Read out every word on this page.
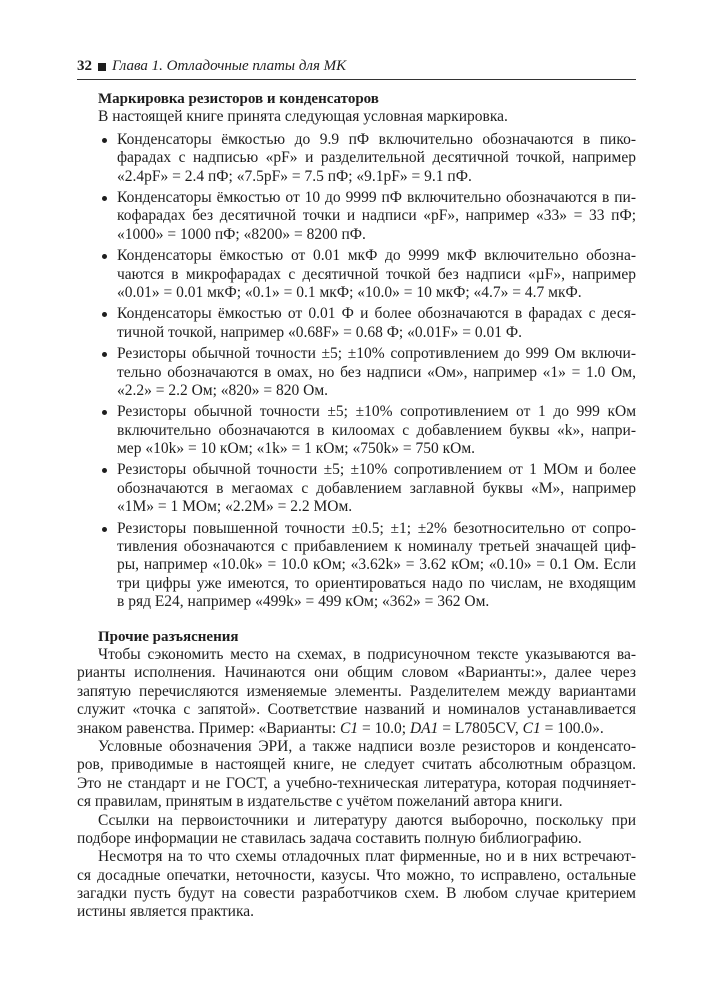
32 Глава 1. Отладочные платы для МК
Маркировка резисторов и конденсаторов
В настоящей книге принята следующая условная маркировка.
Конденсаторы ёмкостью до 9.9 пФ включительно обозначаются в пико-
фарадах с надписью «pF» и разделительной десятичной точкой, например
«2.4pF» = 2.4 пФ; «7.5pF» = 7.5 пФ; «9.1pF» = 9.1 пФ.
Конденсаторы ёмкостью от 10 до 9999 пФ включительно обозначаются в пи-
кофарадах без десятичной точки и надписи «pF», например «33» = 33 пФ;
«1000» = 1000 пФ; «8200» = 8200 пФ.
Конденсаторы ёмкостью от 0.01 мкФ до 9999 мкФ включительно обозна-
чаются в микрофарадах с десятичной точкой без надписи «µF», например
«0.01» = 0.01 мкФ; «0.1» = 0.1 мкФ; «10.0» = 10 мкФ; «4.7» = 4.7 мкФ.
Конденсаторы ёмкостью от 0.01 Ф и более обозначаются в фарадах с деся-
тичной точкой, например «0.68F» = 0.68 Ф; «0.01F» = 0.01 Ф.
Резисторы обычной точности ±5; ±10% сопротивлением до 999 Ом включи-
тельно обозначаются в омах, но без надписи «Ом», например «1» = 1.0 Ом,
«2.2» = 2.2 Ом; «820» = 820 Ом.
Резисторы обычной точности ±5; ±10% сопротивлением от 1 до 999 кОм
включительно обозначаются в килоомах с добавлением буквы «k», напри-
мер «10k» = 10 кОм; «1k» = 1 кОм; «750k» = 750 кОм.
Резисторы обычной точности ±5; ±10% сопротивлением от 1 МОм и более
обозначаются в мегаомах с добавлением заглавной буквы «М», например
«1M» = 1 МОм; «2.2M» = 2.2 МОм.
Резисторы повышенной точности ±0.5; ±1; ±2% безотносительно от сопро-
тивления обозначаются с прибавлением к номиналу третьей значащей циф-
ры, например «10.0k» = 10.0 кОм; «3.62k» = 3.62 кОм; «0.10» = 0.1 Ом. Если
три цифры уже имеются, то ориентироваться надо по числам, не входящим
в ряд E24, например «499k» = 499 кОм; «362» = 362 Ом.
Прочие разъяснения
Чтобы сэкономить место на схемах, в подрисуночном тексте указываются ва-
рианты исполнения. Начинаются они общим словом «Варианты:», далее через
запятую перечисляются изменяемые элементы. Разделителем между вариантами
служит «точка с запятой». Соответствие названий и номиналов устанавливается
знаком равенства. Пример: «Варианты: C1 = 10.0; DA1 = L7805CV, C1 = 100.0».
Условные обозначения ЭРИ, а также надписи возле резисторов и конденсато-
ров, приводимые в настоящей книге, не следует считать абсолютным образцом.
Это не стандарт и не ГОСТ, а учебно-техническая литература, которая подчиняет-
ся правилам, принятым в издательстве с учётом пожеланий автора книги.
Ссылки на первоисточники и литературу даются выборочно, поскольку при
подборе информации не ставилась задача составить полную библиографию.
Несмотря на то что схемы отладочных плат фирменные, но и в них встречают-
ся досадные опечатки, неточности, казусы. Что можно, то исправлено, остальные
загадки пусть будут на совести разработчиков схем. В любом случае критерием
истины является практика.
